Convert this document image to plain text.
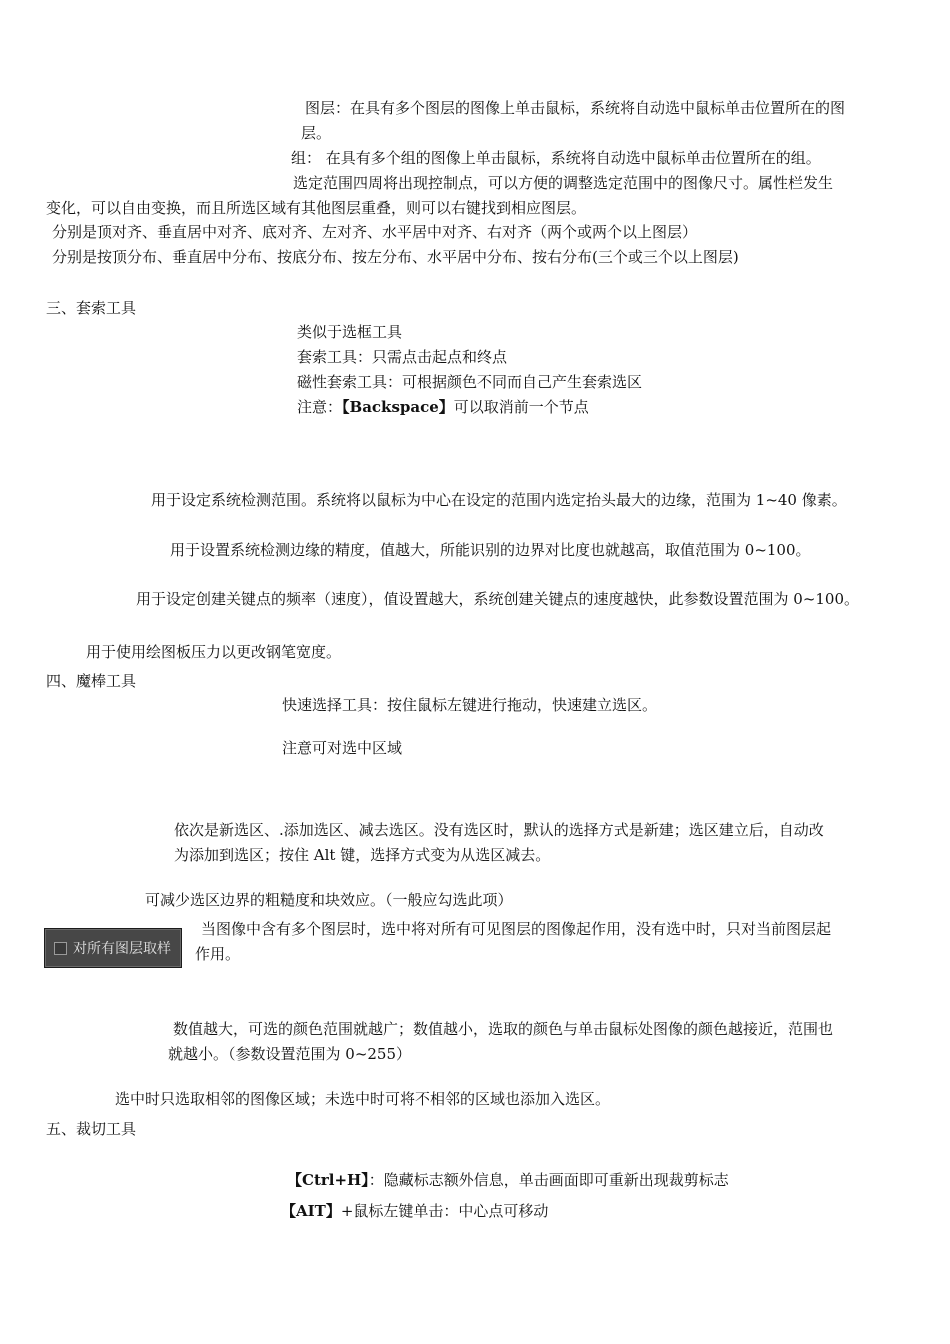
图层：在具有多个图层的图像上单击鼠标，系统将自动选中鼠标单击位置所在的图
层。
组： 在具有多个组的图像上单击鼠标，系统将自动选中鼠标单击位置所在的组。
选定范围四周将出现控制点，可以方便的调整选定范围中的图像尺寸。属性栏发生
变化，可以自由变换，而且所选区域有其他图层重叠，则可以右键找到相应图层。
分别是顶对齐、垂直居中对齐、底对齐、左对齐、水平居中对齐、右对齐（两个或两个以上图层）
分别是按顶分布、垂直居中分布、按底分布、按左分布、水平居中分布、按右分布(三个或三个以上图层)
三、套索工具
类似于选框工具
套索工具：只需点击起点和终点
磁性套索工具：可根据颜色不同而自己产生套索选区
注意：【Backspace】可以取消前一个节点
用于设定系统检测范围。系统将以鼠标为中心在设定的范围内选定抬头最大的边缘，范围为 1~40 像素。
用于设置系统检测边缘的精度，值越大，所能识别的边界对比度也就越高，取值范围为 0~100。
用于设定创建关键点的频率（速度），值设置越大，系统创建关键点的速度越快，此参数设置范围为 0~100。
用于使用绘图板压力以更改钢笔宽度。
四、魔棒工具
快速选择工具：按住鼠标左键进行拖动，快速建立选区。
注意可对选中区域
依次是新选区、.添加选区、减去选区。没有选区时，默认的选择方式是新建；选区建立后，自动改
为添加到选区；按住 Alt 键，选择方式变为从选区减去。
可减少选区边界的粗糙度和块效应。（一般应勾选此项）
对所有图层取样
当图像中含有多个图层时，选中将对所有可见图层的图像起作用，没有选中时，只对当前图层起
作用。
数值越大，可选的颜色范围就越广；数值越小，选取的颜色与单击鼠标处图像的颜色越接近，范围也
就越小。（参数设置范围为 0~255）
选中时只选取相邻的图像区域；未选中时可将不相邻的区域也添加入选区。
五、裁切工具
【Ctrl+H】：隐藏标志额外信息，单击画面即可重新出现裁剪标志
【AIT】+鼠标左键单击：中心点可移动
